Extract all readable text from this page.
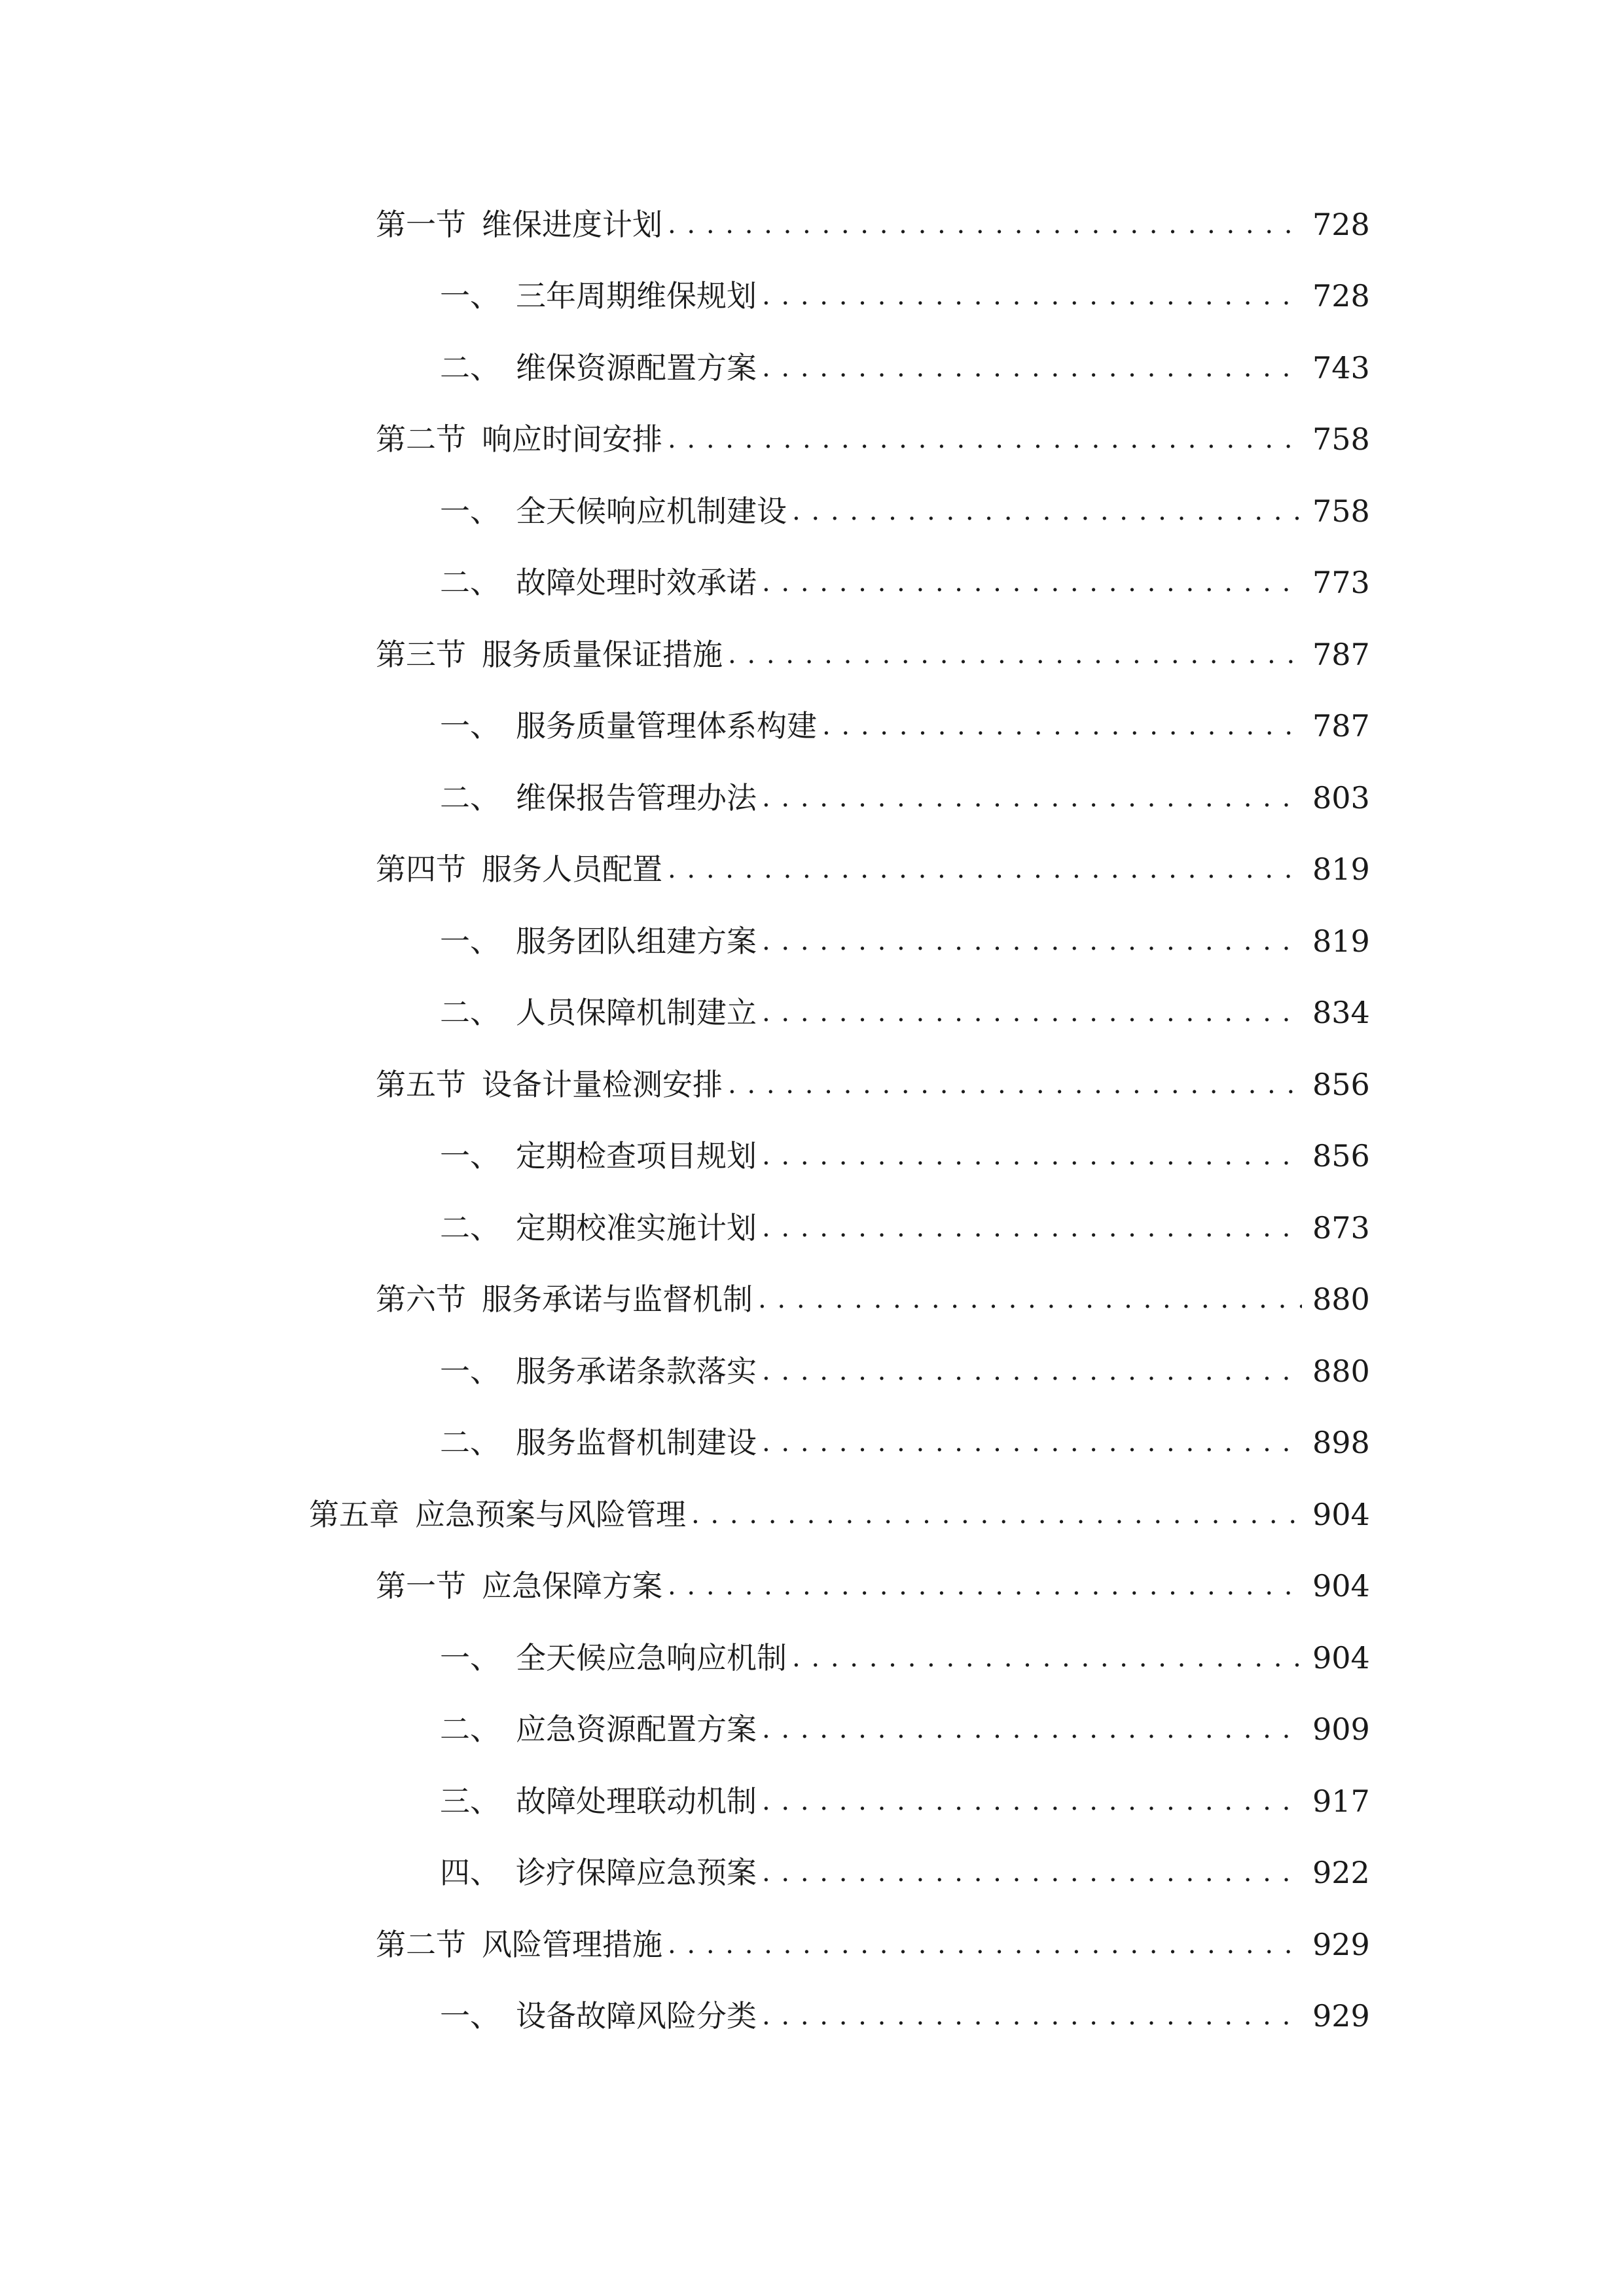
第一节 维保进度计划 . . .	728
一、 三年周期维保规划 . . .	728
二、 维保资源配置方案 . . .	743
第二节 响应时间安排 . . .	758
一、 全天候响应机制建设 . . .	758
二、 故障处理时效承诺 . . .	773
第三节 服务质量保证措施 . . .	787
一、 服务质量管理体系构建 . . .	787
二、 维保报告管理办法 . . .	803
第四节 服务人员配置 . . .	819
一、 服务团队组建方案 . . .	819
二、 人员保障机制建立 . . .	834
第五节 设备计量检测安排 . . .	856
一、 定期检查项目规划 . . .	856
二、 定期校准实施计划 . . .	873
第六节 服务承诺与监督机制 . . .	880
一、 服务承诺条款落实 . . .	880
二、 服务监督机制建设 . . .	898
第五章 应急预案与风险管理 . . .	904
第一节 应急保障方案 . . .	904
一、 全天候应急响应机制 . . .	904
二、 应急资源配置方案 . . .	909
三、 故障处理联动机制 . . .	917
四、 诊疗保障应急预案 . . .	922
第二节 风险管理措施 . . .	929
一、 设备故障风险分类 . . .	929
